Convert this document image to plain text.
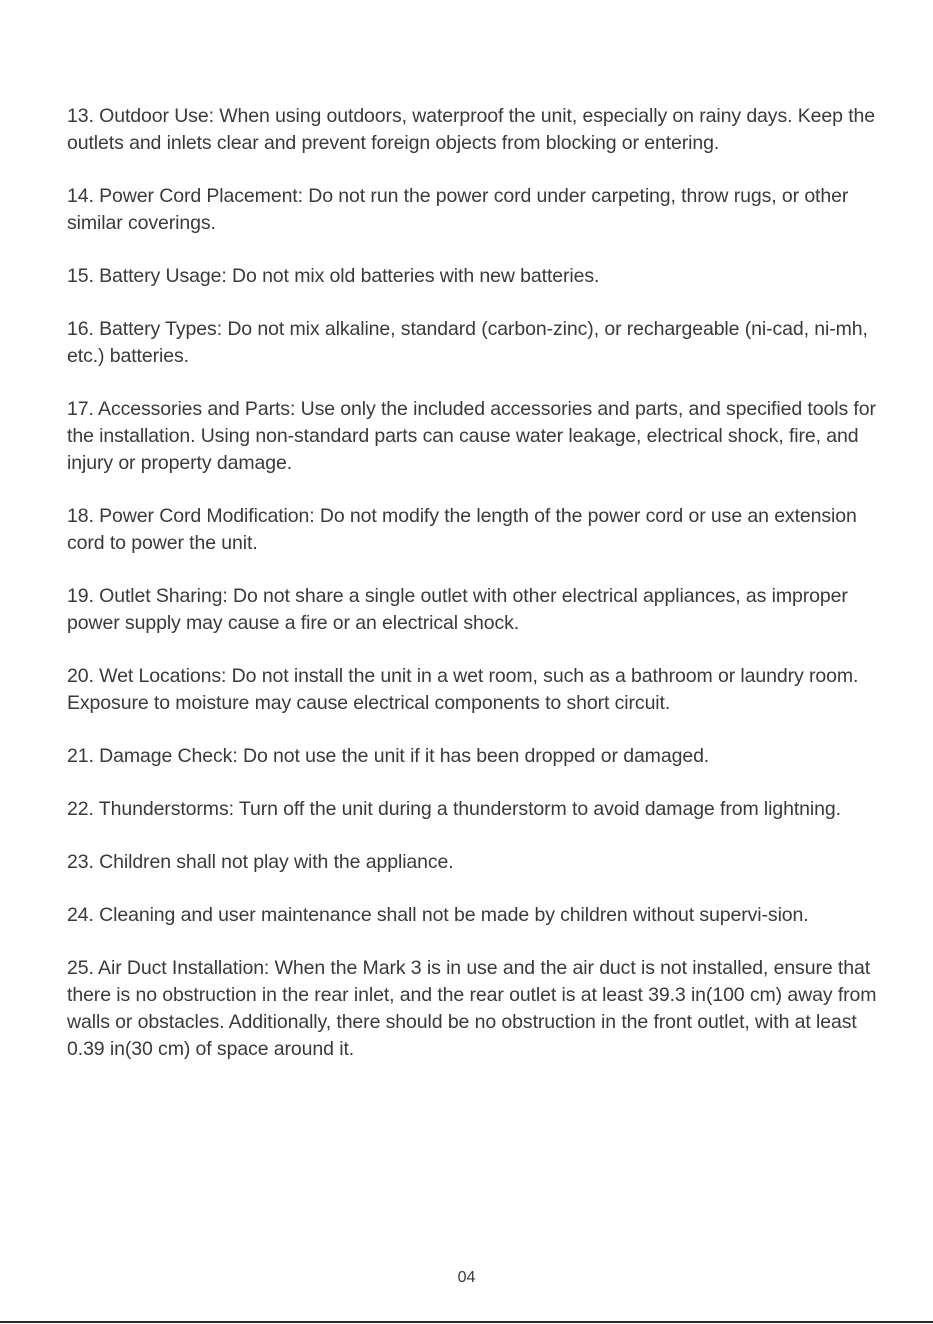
13. Outdoor Use: When using outdoors, waterproof the unit, especially on rainy days. Keep the outlets and inlets clear and prevent foreign objects from blocking or entering.

14. Power Cord Placement: Do not run the power cord under carpeting, throw rugs, or other similar coverings.

15. Battery Usage: Do not mix old batteries with new batteries.

16. Battery Types: Do not mix alkaline, standard (carbon-zinc), or rechargeable (ni-cad, ni-mh, etc.) batteries.

17. Accessories and Parts: Use only the included accessories and parts, and specified tools for the installation. Using non-standard parts can cause water leakage, electrical shock, fire, and injury or property damage.

18. Power Cord Modification: Do not modify the length of the power cord or use an extension cord to power the unit.

19. Outlet Sharing: Do not share a single outlet with other electrical appliances, as improper power supply may cause a fire or an electrical shock.

20. Wet Locations: Do not install the unit in a wet room, such as a bathroom or laundry room. Exposure to moisture may cause electrical components to short circuit.

21. Damage Check: Do not use the unit if it has been dropped or damaged.

22. Thunderstorms: Turn off the unit during a thunderstorm to avoid damage from lightning.

23. Children shall not play with the appliance.

24. Cleaning and user maintenance shall not be made by children without supervi-sion.

25. Air Duct Installation: When the Mark 3 is in use and the air duct is not installed, ensure that there is no obstruction in the rear inlet, and the rear outlet is at least 39.3 in(100 cm) away from walls or obstacles. Additionally, there should be no obstruction in the front outlet, with at least 0.39 in(30 cm) of space around it.

04
